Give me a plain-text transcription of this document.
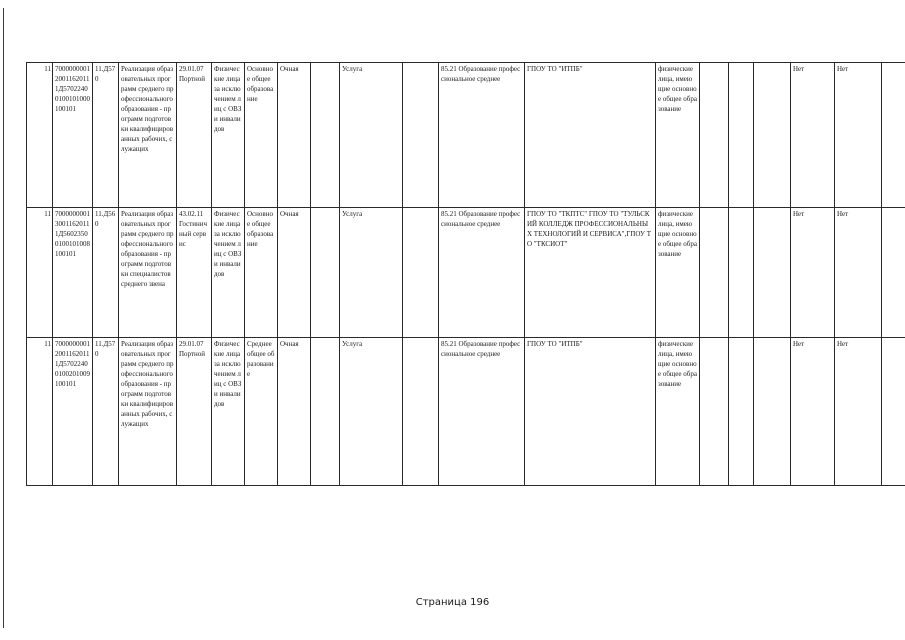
11	700000000120011620111Д57022400100101000100101	11.Д570	Реализация образовательных программ среднего профессионального образования - программ подготовки квалифицированных рабочих, служащих	29.01.07 Портной	Физические лица за исключением лиц с ОВЗ и инвалидов	Основное общее образование	Очная		Услуга		85.21 Образование профессиональное среднее	ГПОУ ТО "ИТПБ"	физические лица, имеющие основное общее образование				Нет	Нет	
11	700000000130011620111Д56023500100101008100101	11.Д560	Реализация образовательных программ среднего профессионального образования - программ подготовки специалистов среднего звена	43.02.11 Гостиничный сервис	Физические лица за исключением лиц с ОВЗ и инвалидов	Основное общее образование	Очная		Услуга		85.21 Образование профессиональное среднее	ГПОУ ТО "ТКПТС" ГПОУ ТО "ТУЛЬСКИЙ КОЛЛЕДЖ ПРОФЕССИОНАЛЬНЫХ ТЕХНОЛОГИЙ И СЕРВИСА",ГПОУ ТО "ТКСИОТ"	физические лица, имеющие основное общее образование				Нет	Нет	
11	700000000120011620111Д57022400100201009100101	11.Д570	Реализация образовательных программ среднего профессионального образования - программ подготовки квалифицированных рабочих, служащих	29.01.07 Портной	Физические лица за исключением лиц с ОВЗ и инвалидов	Среднее общее образование	Очная		Услуга		85.21 Образование профессиональное среднее	ГПОУ ТО "ИТПБ"	физические лица, имеющие основное общее образование				Нет	Нет	
Страница 196
